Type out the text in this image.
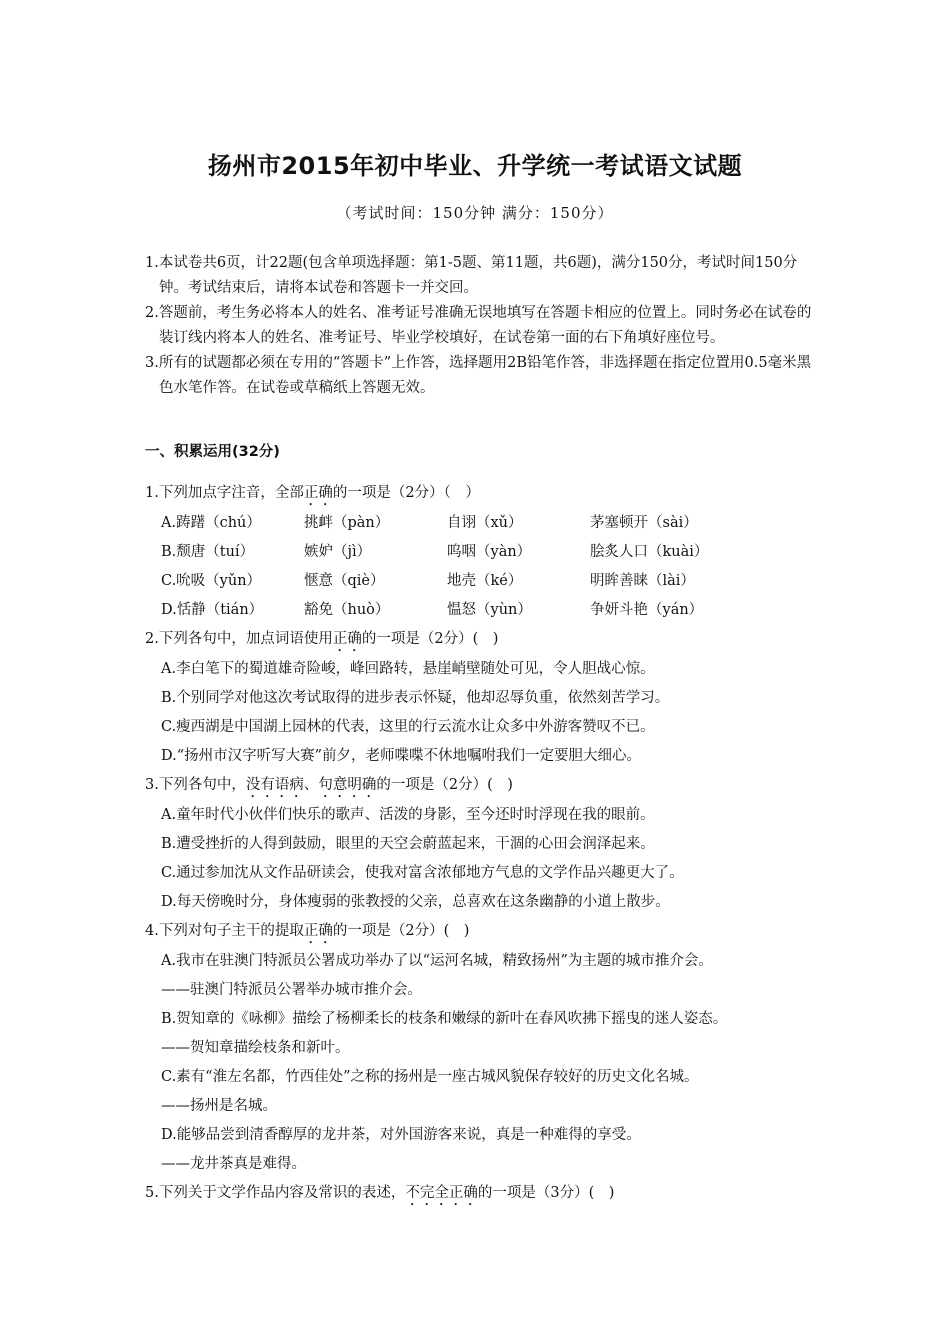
扬州市2015年初中毕业、升学统一考试语文试题
（考试时间：150分钟 满分：150分）
1.本试卷共6页，计22题(包含单项选择题：第1-5题、第11题，共6题)，满分150分，考试时间150分钟。考试结束后，请将本试卷和答题卡一并交回。
2.答题前，考生务必将本人的姓名、准考证号准确无误地填写在答题卡相应的位置上。同时务必在试卷的装订线内将本人的姓名、准考证号、毕业学校填好，在试卷第一面的右下角填好座位号。
3.所有的试题都必须在专用的“答题卡”上作答，选择题用2B铅笔作答，非选择题在指定位置用0.5毫米黑色水笔作答。在试卷或草稿纸上答题无效。
一、积累运用(32分)
1.下列加点字注音，全部正确的一项是（2分）（　）
A.踌躇（chú）	挑衅（pàn）	自诩（xǔ）	茅塞顿开（sài）
B.颓唐（tuí）	嫉妒（jì）	呜咽（yàn）	脍炙人口（kuài）
C.吮吸（yǔn）	惬意（qiè）	地壳（ké）	明眸善睐（lài）
D.恬静（tián）	豁免（huò）	愠怒（yùn）	争妍斗艳（yán）
2.下列各句中，加点词语使用正确的一项是（2分）(　)
A.李白笔下的蜀道雄奇险峻，峰回路转，悬崖峭壁随处可见，令人胆战心惊。
B.个别同学对他这次考试取得的进步表示怀疑，他却忍辱负重，依然刻苦学习。
C.瘦西湖是中国湖上园林的代表，这里的行云流水让众多中外游客赞叹不已。
D.“扬州市汉字听写大赛”前夕，老师喋喋不休地嘱咐我们一定要胆大细心。
3.下列各句中，没有语病、句意明确的一项是（2分）(　)
A.童年时代小伙伴们快乐的歌声、活泼的身影，至今还时时浮现在我的眼前。
B.遭受挫折的人得到鼓励，眼里的天空会蔚蓝起来，干涸的心田会润泽起来。
C.通过参加沈从文作品研读会，使我对富含浓郁地方气息的文学作品兴趣更大了。
D.每天傍晚时分，身体瘦弱的张教授的父亲，总喜欢在这条幽静的小道上散步。
4.下列对句子主干的提取正确的一项是（2分）(　)
A.我市在驻澳门特派员公署成功举办了以“运河名城，精致扬州”为主题的城市推介会。
——驻澳门特派员公署举办城市推介会。
B.贺知章的《咏柳》描绘了杨柳柔长的枝条和嫩绿的新叶在春风吹拂下摇曳的迷人姿态。
——贺知章描绘枝条和新叶。
C.素有“淮左名都，竹西佳处”之称的扬州是一座古城风貌保存较好的历史文化名城。
——扬州是名城。
D.能够品尝到清香醇厚的龙井茶，对外国游客来说，真是一种难得的享受。
——龙井茶真是难得。
5.下列关于文学作品内容及常识的表述，不完全正确的一项是（3分）(　)
